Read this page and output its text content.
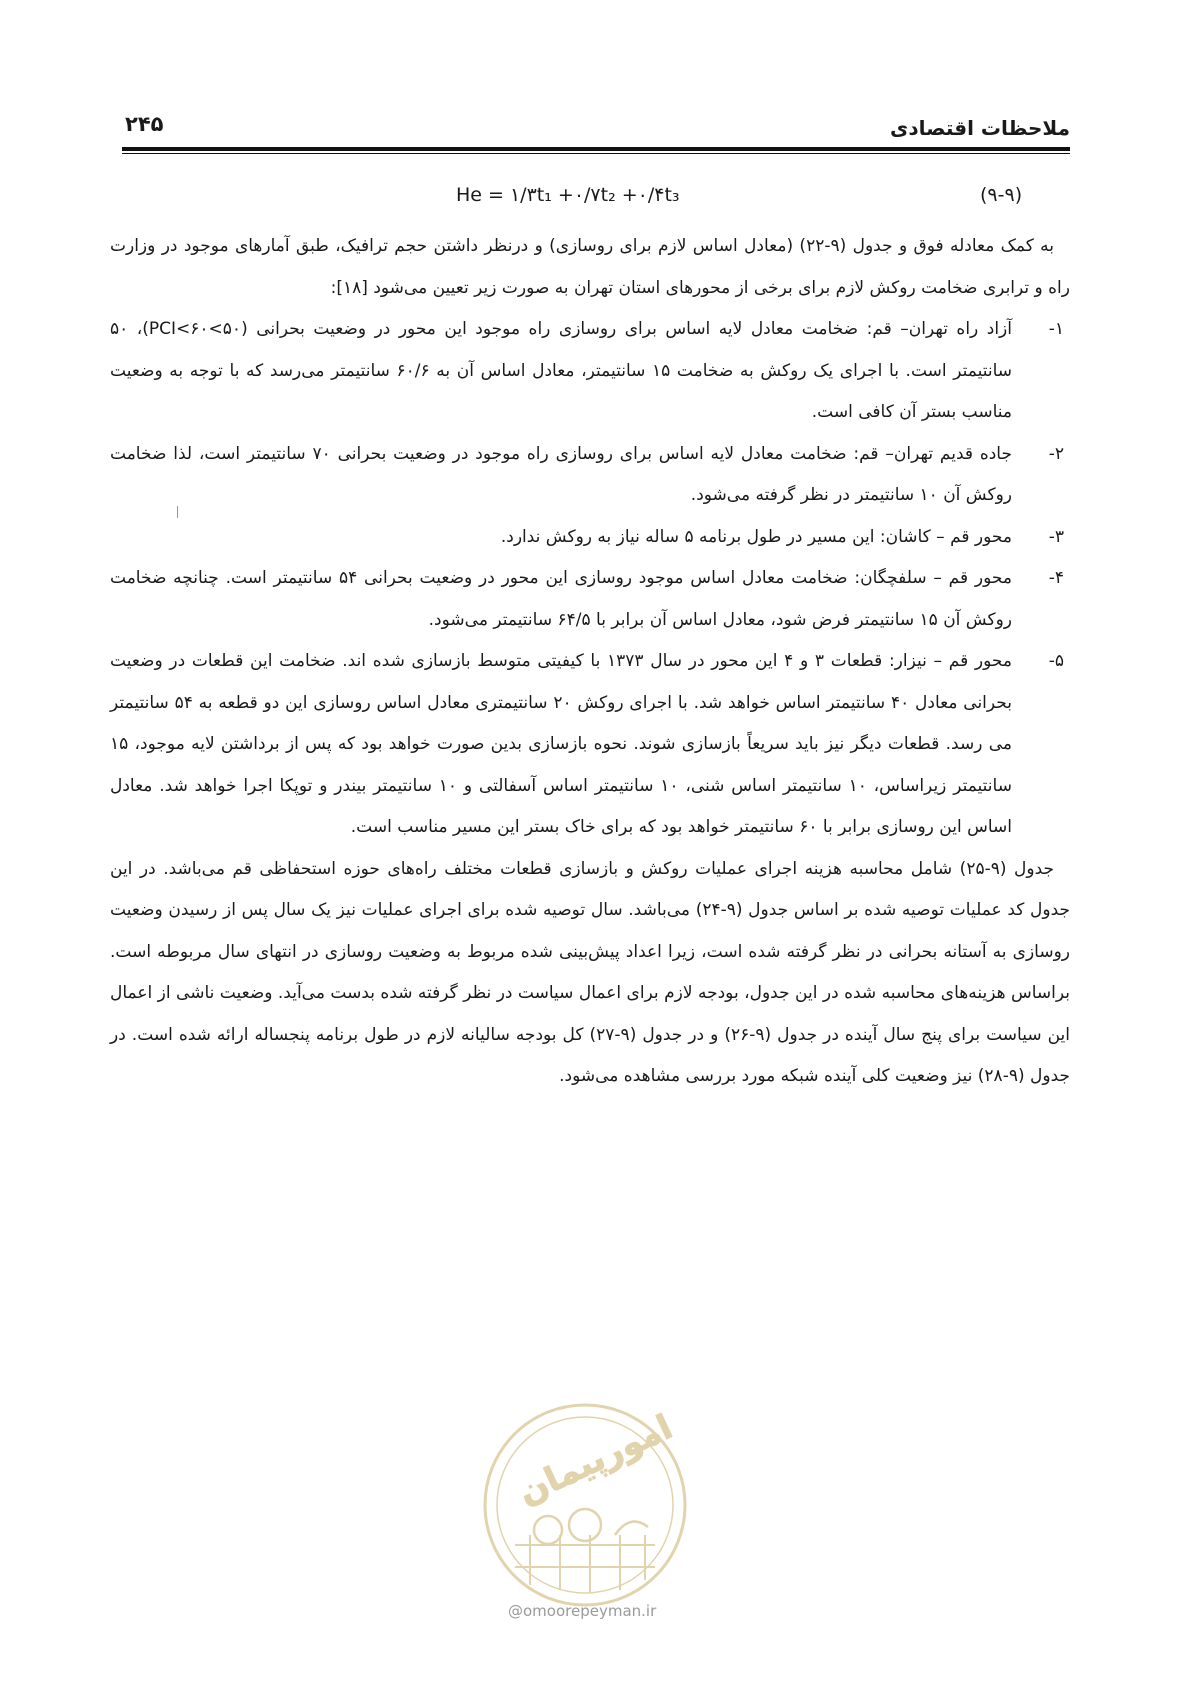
۲۴۵	ملاحظات اقتصادی
He = ۱/۳t₁ +۰/۷t₂ +۰/۴t₃	(۹-۹)

به کمک معادله فوق و جدول (۹-۲۲) (معادل اساس لازم برای روسازی) و درنظر داشتن حجم ترافیک، طبق آمارهای موجود در وزارت راه و ترابری ضخامت روکش لازم برای برخی از محورهای استان تهران به صورت زیر تعیین می‌شود [۱۸]:

۱-
آزاد راه تهران– قم: ضخامت معادل لایه اساس برای روسازی راه موجود این محور در وضعیت بحرانی (۵۰>PCI<۶۰)، ۵۰ سانتیمتر است. با اجرای یک روکش به ضخامت ۱۵ سانتیمتر، معادل اساس آن به ۶۰/۶ سانتیمتر می‌رسد که با توجه به وضعیت مناسب بستر آن کافی است.
۲-
جاده قدیم تهران– قم: ضخامت معادل لایه اساس برای روسازی راه موجود در وضعیت بحرانی ۷۰ سانتیمتر است، لذا ضخامت روکش آن ۱۰ سانتیمتر در نظر گرفته می‌شود.
۳-
محور قم – کاشان: این مسیر در طول برنامه ۵ ساله نیاز به روکش ندارد.
۴-
محور قم – سلفچگان: ضخامت معادل اساس موجود روسازی این محور در وضعیت بحرانی ۵۴ سانتیمتر است. چنانچه ضخامت روکش آن ۱۵ سانتیمتر فرض شود، معادل اساس آن برابر با ۶۴/۵ سانتیمتر می‌شود.
۵-
محور قم – نیزار: قطعات ۳ و ۴ این محور در سال ۱۳۷۳ با کیفیتی متوسط بازسازی شده اند. ضخامت این قطعات در وضعیت بحرانی معادل ۴۰ سانتیمتر اساس خواهد شد. با اجرای روکش ۲۰ سانتیمتری معادل اساس روسازی این دو قطعه به ۵۴ سانتیمتر می رسد. قطعات دیگر نیز باید سریعاً بازسازی شوند. نحوه بازسازی بدین صورت خواهد بود که پس از برداشتن لایه موجود، ۱۵ سانتیمتر زیراساس، ۱۰ سانتیمتر اساس شنی، ۱۰ سانتیمتر اساس آسفالتی و ۱۰ سانتیمتر بیندر و توپکا اجرا خواهد شد. معادل اساس این روسازی برابر با ۶۰ سانتیمتر خواهد بود که برای خاک بستر این مسیر مناسب است.

جدول (۹-۲۵) شامل محاسبه هزینه اجرای عملیات روکش و بازسازی قطعات مختلف راه‌های حوزه استحفاظی قم می‌باشد. در این جدول کد عملیات توصیه شده بر اساس جدول (۹-۲۴) می‌باشد. سال توصیه شده برای اجرای عملیات نیز یک سال پس از رسیدن وضعیت روسازی به آستانه بحرانی در نظر گرفته شده است، زیرا اعداد پیش‌بینی شده مربوط به وضعیت روسازی در انتهای سال مربوطه است. براساس هزینه‌های محاسبه شده در این جدول، بودجه لازم برای اعمال سیاست در نظر گرفته شده بدست می‌آید. وضعیت ناشی از اعمال این سیاست برای پنج سال آینده در جدول (۹-۲۶) و در جدول (۹-۲۷) کل بودجه سالیانه لازم در طول برنامه پنجساله ارائه شده است. در جدول (۹-۲۸) نیز وضعیت کلی آینده شبکه مورد بررسی مشاهده می‌شود.

امورپیمان
@omoorepeyman.ir
